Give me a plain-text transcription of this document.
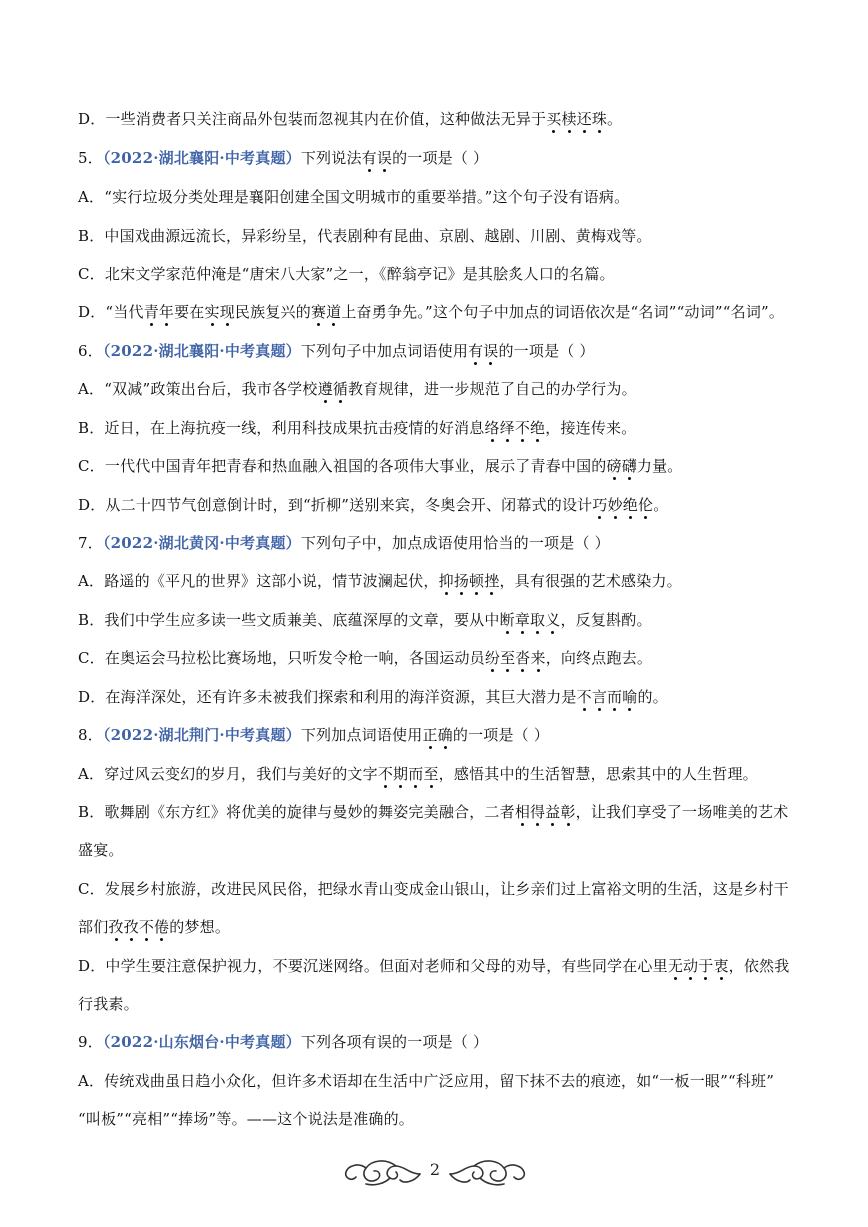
D．一些消费者只关注商品外包装而忽视其内在价值，这种做法无异于买椟还珠。
5．（2022·湖北襄阳·中考真题）下列说法有误的一项是（ ）
A．“实行垃圾分类处理是襄阳创建全国文明城市的重要举措。”这个句子没有语病。
B．中国戏曲源远流长，异彩纷呈，代表剧种有昆曲、京剧、越剧、川剧、黄梅戏等。
C．北宋文学家范仲淹是“唐宋八大家”之一，《醉翁亭记》是其脍炙人口的名篇。
D．“当代青年要在实现民族复兴的赛道上奋勇争先。”这个句子中加点的词语依次是“名词”“动词”“名词”。
6．（2022·湖北襄阳·中考真题）下列句子中加点词语使用有误的一项是（ ）
A．“双减”政策出台后，我市各学校遵循教育规律，进一步规范了自己的办学行为。
B．近日，在上海抗疫一线，利用科技成果抗击疫情的好消息络绎不绝，接连传来。
C．一代代中国青年把青春和热血融入祖国的各项伟大事业，展示了青春中国的磅礴力量。
D．从二十四节气创意倒计时，到“折柳”送别来宾，冬奥会开、闭幕式的设计巧妙绝伦。
7．（2022·湖北黄冈·中考真题）下列句子中，加点成语使用恰当的一项是（ ）
A．路遥的《平凡的世界》这部小说，情节波澜起伏，抑扬顿挫，具有很强的艺术感染力。
B．我们中学生应多读一些文质兼美、底蕴深厚的文章，要从中断章取义，反复斟酌。
C．在奥运会马拉松比赛场地，只听发令枪一响，各国运动员纷至沓来，向终点跑去。
D．在海洋深处，还有许多未被我们探索和利用的海洋资源，其巨大潜力是不言而喻的。
8．（2022·湖北荆门·中考真题）下列加点词语使用正确的一项是（ ）
A．穿过风云变幻的岁月，我们与美好的文字不期而至，感悟其中的生活智慧，思索其中的人生哲理。
B．歌舞剧《东方红》将优美的旋律与曼妙的舞姿完美融合，二者相得益彰，让我们享受了一场唯美的艺术
盛宴。
C．发展乡村旅游，改进民风民俗，把绿水青山变成金山银山，让乡亲们过上富裕文明的生活，这是乡村干
部们孜孜不倦的梦想。
D．中学生要注意保护视力，不要沉迷网络。但面对老师和父母的劝导，有些同学在心里无动于衷，依然我
行我素。
9．（2022·山东烟台·中考真题）下列各项有误的一项是（ ）
A．传统戏曲虽日趋小众化，但许多术语却在生活中广泛应用，留下抹不去的痕迹，如“一板一眼”“科班”
“叫板”“亮相”“捧场”等。——这个说法是准确的。
2
